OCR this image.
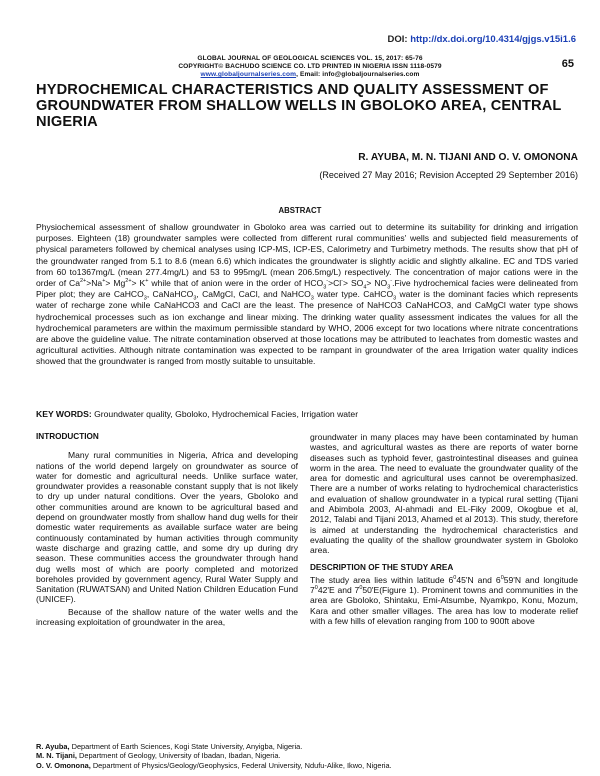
DOI: http://dx.doi.org/10.4314/gjgs.v15i1.6
GLOBAL JOURNAL OF GEOLOGICAL SCIENCES VOL. 15, 2017: 65-76
COPYRIGHT© BACHUDO SCIENCE CO. LTD PRINTED IN NIGERIA ISSN 1118-0579
www.globaljournalseries.com, Email: info@globaljournalseries.com
65
HYDROCHEMICAL CHARACTERISTICS AND QUALITY ASSESSMENT OF GROUNDWATER FROM SHALLOW WELLS IN GBOLOKO AREA, CENTRAL NIGERIA
R. AYUBA, M. N. TIJANI AND O. V. OMONONA
(Received 27 May 2016; Revision Accepted 29 September 2016)
ABSTRACT
Physiochemical assessment of shallow groundwater in Gboloko area was carried out to determine its suitability for drinking and irrigation purposes. Eighteen (18) groundwater samples were collected from different rural communities' wells and subjected field measurements of physical parameters followed by chemical analyses using ICP-MS, ICP-ES, Calorimetry and Turbimetry methods. The results show that pH of the groundwater ranged from 5.1 to 8.6 (mean 6.6) which indicates the groundwater is slightly acidic and slightly alkaline. EC and TDS varied from 60 to1367mg/L (mean 277.4mg/L) and 53 to 995mg/L (mean 206.5mg/L) respectively. The concentration of major cations were in the order of $Ca^{2+}>Na^+> Mg^{2+}> K^+$ while that of anion were in the order of $HCO_3^->Cl^-> SO_4>$ $NO_3^-.Five$ hydrochemical facies were delineated from Piper plot; they are CaHCO$_3$, CaNaHCO$_3$, CaMgCl, CaCl, and NaHCO$_3$ water type. CaHCO$_3$ water is the dominant facies which represents water of recharge zone while CaNaHCO3 and CaCl are the least. The presence of NaHCO3 CaNaHCO3, and CaMgCl water type shows hydrochemical processes such as ion exchange and linear mixing. The drinking water quality assessment indicates the values for all the hydrochemical parameters are within the maximum permissible standard by WHO, 2006 except for two locations where nitrate concentrations are above the guideline value. The nitrate contamination observed at those locations may be attributed to leachates from domestic wastes and agricultural activities. Although nitrate contamination was expected to be rampant in groundwater of the area Irrigation water quality indices showed that the groundwater is ranged from mostly suitable to unsuitable.
KEY WORDS: Groundwater quality, Gboloko, Hydrochemical Facies, Irrigation water
INTRODUCTION

Many rural communities in Nigeria, Africa and developing nations of the world depend largely on groundwater as source of water for domestic and agricultural needs. Unlike surface water, groundwater provides a reasonable constant supply that is not likely to dry up under natural conditions. Over the years, Gboloko and other communities around are known to be agricultural based and depend on groundwater mostly from shallow hand dug wells for their domestic water requirements as available surface water are being continuously contaminated by human activities through community waste discharge and grazing cattle, and some dry up during dry season. These communities access the groundwater through hand dug wells most of which are poorly completed and motorized boreholes provided by government agency, Rural Water Supply and Sanitation (RUWATSAN) and United Nation Children Education Fund (UNICEF).

Because of the shallow nature of the water wells and the increasing exploitation of groundwater in the area,

groundwater in many places may have been contaminated by human wastes, and agricultural wastes as there are reports of water borne diseases such as typhoid fever, gastrointestinal diseases and guinea worm in the area. The need to evaluate the groundwater quality of the area for domestic and agricultural uses cannot be overemphasized. There are a number of works relating to hydrochemical characteristics and evaluation of shallow groundwater in a typical rural setting (Tijani and Abimbola 2003, Al-ahmadi and EL-Fiky 2009, Okogbue et al, 2012, Talabi and Tijani 2013, Ahamed et al 2013). This study, therefore is aimed at understanding the hydrochemical characteristics and evaluating the quality of the shallow groundwater system in Gboloko area.

DESCRIPTION OF THE STUDY AREA

The study area lies within latitude $6^045'N$ and $6^059'N$ and longitude $7^042'E$ and $7^050'E(Figure$ 1). Prominent towns and communities in the area are Gboloko, Shintaku, Emi-Atsumbe, Nyamkpo, Konu, Mozum, Kara and other smaller villages. The area has low to moderate relief with a few hills of elevation ranging from 100 to 900ft above

R. Ayuba, Department of Earth Sciences, Kogi State University, Anyigba, Nigeria.
M. N. Tijani, Department of Geology, University of Ibadan, Ibadan, Nigeria.
O. V. Omonona, Department of Physics/Geology/Geophysics, Federal University, Ndufu-Alike, Ikwo, Nigeria.
